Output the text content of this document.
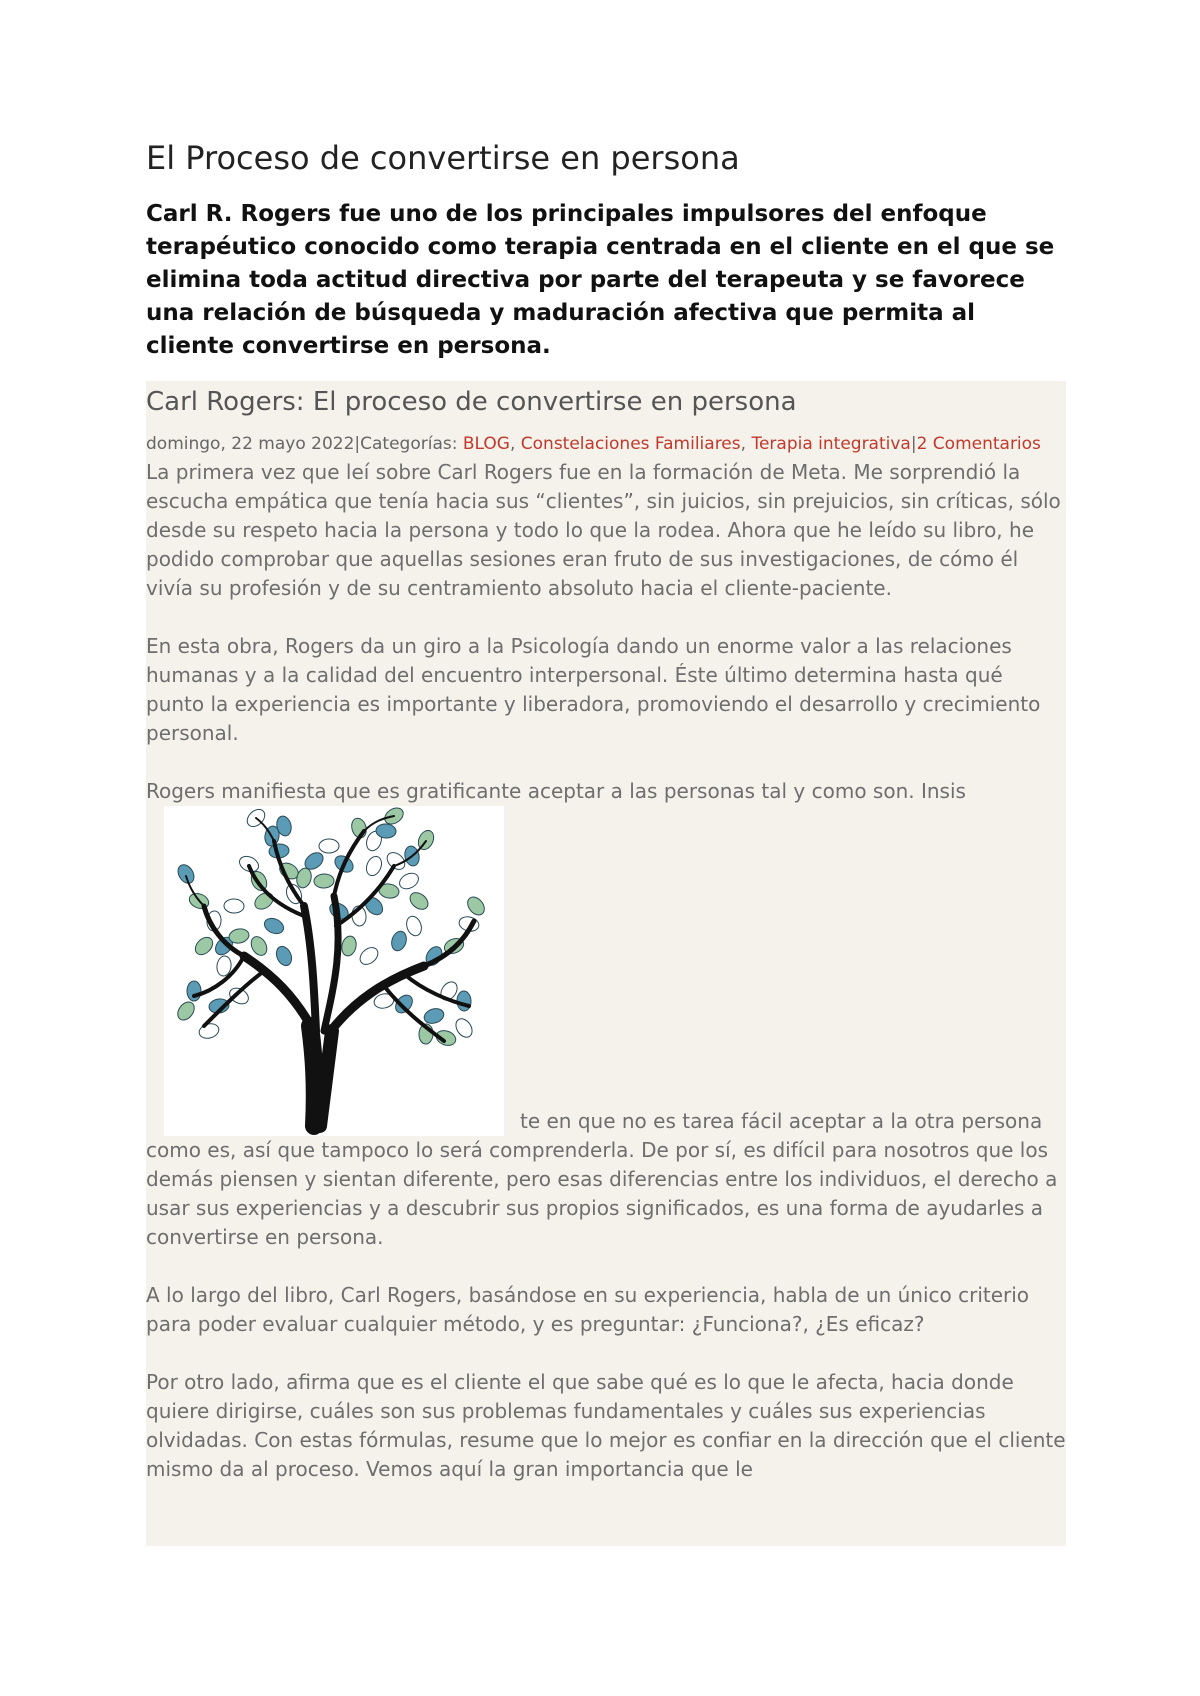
El Proceso de convertirse en persona

Carl R. Rogers fue uno de los principales impulsores del enfoque terapéutico conocido como terapia centrada en el cliente en el que se elimina toda actitud directiva por parte del terapeuta y se favorece una relación de búsqueda y maduración afectiva que permita al cliente convertirse en persona.

Carl Rogers: El proceso de convertirse en persona
domingo, 22 mayo 2022|Categorías: BLOG, Constelaciones Familiares, Terapia integrativa|2 Comentarios

La primera vez que leí sobre Carl Rogers fue en la formación de Meta. Me sorprendió la escucha empática que tenía hacia sus “clientes”, sin juicios, sin prejuicios, sin críticas, sólo desde su respeto hacia la persona y todo lo que la rodea. Ahora que he leído su libro, he podido comprobar que aquellas sesiones eran fruto de sus investigaciones, de cómo él vivía su profesión y de su centramiento absoluto hacia el cliente-paciente.

En esta obra, Rogers da un giro a la Psicología dando un enorme valor a las relaciones humanas y a la calidad del encuentro interpersonal. Éste último determina hasta qué punto la experiencia es importante y liberadora, promoviendo el desarrollo y crecimiento personal.

Rogers manifiesta que es gratificante aceptar a las personas tal y como son. Insis

te en que no es tarea fácil aceptar a la otra persona como es, así que tampoco lo será comprenderla. De por sí, es difícil para nosotros que los demás piensen y sientan diferente, pero esas diferencias entre los individuos, el derecho a usar sus experiencias y a descubrir sus propios significados, es una forma de ayudarles a convertirse en persona.

A lo largo del libro, Carl Rogers, basándose en su experiencia, habla de un único criterio para poder evaluar cualquier método, y es preguntar: ¿Funciona?, ¿Es eficaz?

Por otro lado, afirma que es el cliente el que sabe qué es lo que le afecta, hacia donde quiere dirigirse, cuáles son sus problemas fundamentales y cuáles sus experiencias olvidadas. Con estas fórmulas, resume que lo mejor es confiar en la dirección que el cliente mismo da al proceso. Vemos aquí la gran importancia que le
